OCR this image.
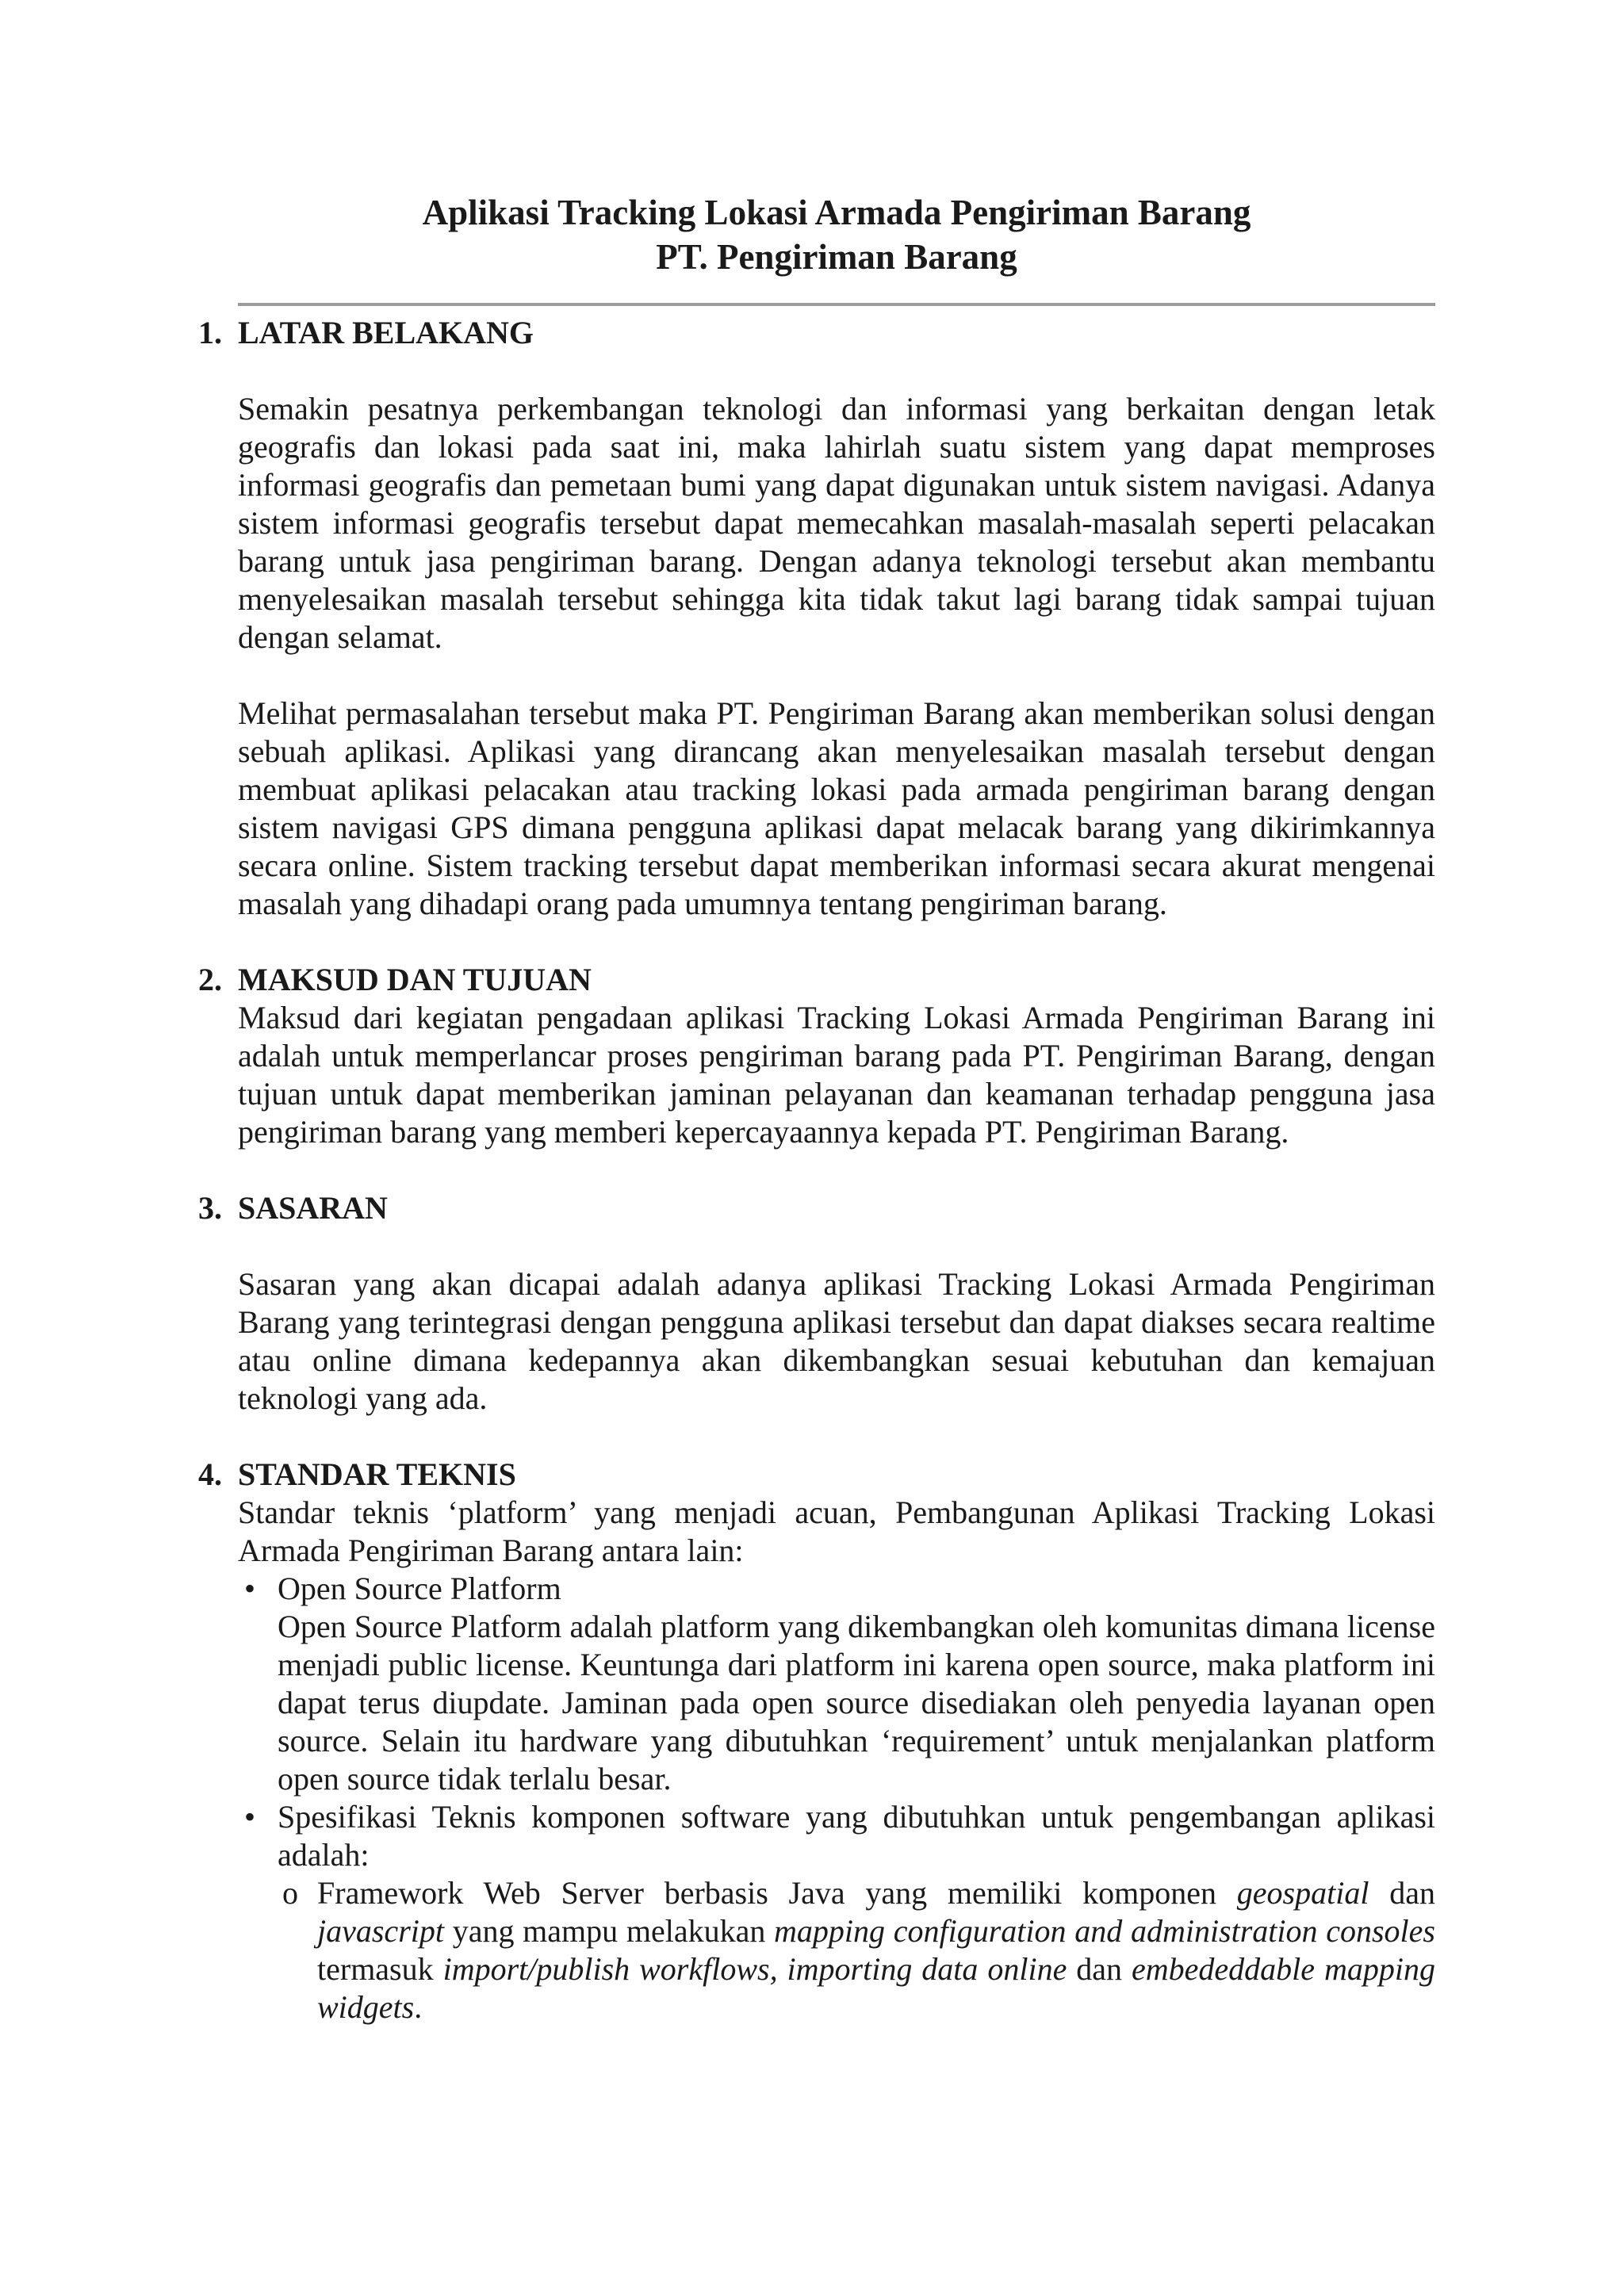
Aplikasi Tracking Lokasi Armada Pengiriman Barang
PT. Pengiriman Barang
1. LATAR BELAKANG

Semakin pesatnya perkembangan teknologi dan informasi yang berkaitan dengan letak geografis dan lokasi pada saat ini, maka lahirlah suatu sistem yang dapat memproses informasi geografis dan pemetaan bumi yang dapat digunakan untuk sistem navigasi. Adanya sistem informasi geografis tersebut dapat memecahkan masalah-masalah seperti pelacakan barang untuk jasa pengiriman barang. Dengan adanya teknologi tersebut akan membantu menyelesaikan masalah tersebut sehingga kita tidak takut lagi barang tidak sampai tujuan dengan selamat.

Melihat permasalahan tersebut maka PT. Pengiriman Barang akan memberikan solusi dengan sebuah aplikasi. Aplikasi yang dirancang akan menyelesaikan masalah tersebut dengan membuat aplikasi pelacakan atau tracking lokasi pada armada pengiriman barang dengan sistem navigasi GPS dimana pengguna aplikasi dapat melacak barang yang dikirimkannya secara online. Sistem tracking tersebut dapat memberikan informasi secara akurat mengenai masalah yang dihadapi orang pada umumnya tentang pengiriman barang.

2. MAKSUD DAN TUJUAN

Maksud dari kegiatan pengadaan aplikasi Tracking Lokasi Armada Pengiriman Barang ini adalah untuk memperlancar proses pengiriman barang pada PT. Pengiriman Barang, dengan tujuan untuk dapat memberikan jaminan pelayanan dan keamanan terhadap pengguna jasa pengiriman barang yang memberi kepercayaannya kepada PT. Pengiriman Barang.

3. SASARAN

Sasaran yang akan dicapai adalah adanya aplikasi Tracking Lokasi Armada Pengiriman Barang yang terintegrasi dengan pengguna aplikasi tersebut dan dapat diakses secara realtime atau online dimana kedepannya akan dikembangkan sesuai kebutuhan dan kemajuan teknologi yang ada.

4. STANDAR TEKNIS

Standar teknis ‘platform’ yang menjadi acuan, Pembangunan Aplikasi Tracking Lokasi Armada Pengiriman Barang antara lain:

• Open Source Platform

Open Source Platform adalah platform yang dikembangkan oleh komunitas dimana license menjadi public license. Keuntunga dari platform ini karena open source, maka platform ini dapat terus diupdate. Jaminan pada open source disediakan oleh penyedia layanan open source. Selain itu hardware yang dibutuhkan ‘requirement’ untuk menjalankan platform open source tidak terlalu besar.

• Spesifikasi Teknis komponen software yang dibutuhkan untuk pengembangan aplikasi adalah:

o Framework Web Server berbasis Java yang memiliki komponen geospatial dan javascript yang mampu melakukan mapping configuration and administration consoles termasuk import/publish workflows, importing data online dan embededdable mapping widgets.
